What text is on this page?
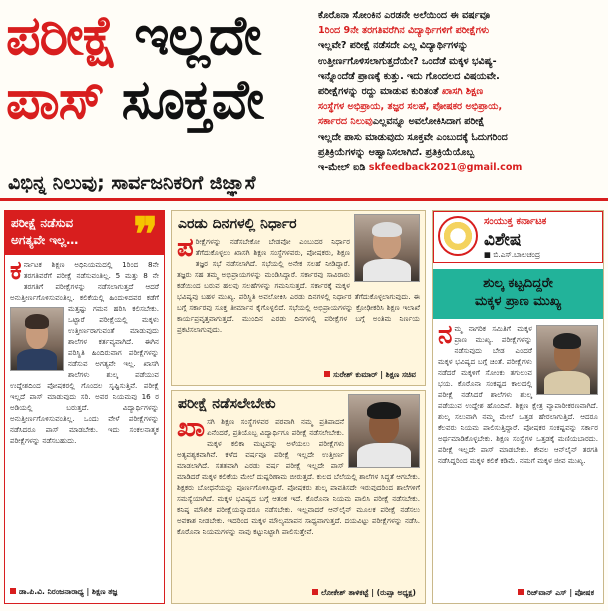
ಪರೀಕ್ಷೆ ಇಲ್ಲದೇ
ಪಾಸ್ ಸೂಕ್ತವೇ
ಕೊರೊನಾ ಸೋಂಕಿನ ಎರಡನೇ ಅಲೆಯಿಂದ ಈ ವರ್ಷವೂ
1ರಿಂದ 9ನೇ ತರಗತಿವರೆಗಿನ ವಿದ್ಯಾರ್ಥಿಗಳಿಗೆ ಪರೀಕ್ಷೆಗಳು
ಇಲ್ಲವೇ? ಪರೀಕ್ಷೆ ನಡೆಸದೇ ಎಲ್ಲ ವಿದ್ಯಾರ್ಥಿಗಳನ್ನು
ಉತ್ತೀರ್ಣಗೊಳಿಸಲಾಗುತ್ತದೆಯೇ? ಒಂದೆಡೆ ಮಕ್ಕಳ ಭವಿಷ್ಯ-
ಇನ್ನೊಂದೆಡೆ ಪ್ರಾಣಕ್ಕೆ ಕುತ್ತು. ಇದು ಗೊಂದಲದ ವಿಷಯವೇ.
ಪರೀಕ್ಷೆಗಳನ್ನು ರದ್ದು ಮಾಡುವ ಕುರಿತಂತೆ ಖಾಸಗಿ ಶಿಕ್ಷಣ
ಸಂಸ್ಥೆಗಳ ಅಭಿಪ್ರಾಯ, ತಜ್ಞರ ಸಲಹೆ, ಪೋಷಕರ ಅಭಿಪ್ರಾಯ,
ಸರ್ಕಾರದ ನಿಲುವುಎಲ್ಲವನ್ನೂ ಅವಲೋಕಿಸಿದಾಗ ಪರೀಕ್ಷೆ
ಇಲ್ಲದೇ ಪಾಸು ಮಾಡುವುದು ಸೂಕ್ತವೇ ಎಂಬುದಕ್ಕೆ ಓದುಗರಿಂದ
ಪ್ರತಿಕ್ರಿಯೆಗಳನ್ನು ಆಹ್ವಾನಿಸಲಾಗಿದೆ. ಪ್ರತಿಕ್ರಿಯೆಯೊಬ್ಬ
ಇ-ಮೇಲ್ ಐಡಿ skfeedback2021@gmail.com
ವಿಭಿನ್ನ ನಿಲುವು; ಸಾರ್ವಜನಿಕರಿಗೆ ಜಿಜ್ಞಾಸೆ
ಪರೀಕ್ಷೆ ನಡೆಸುವ
ಅಗತ್ಯವೇ ಇಲ್ಲ…	❞
ಕ ರ್ನಾಟಕ ಶಿಕ್ಷಣ ಅಧಿನಿಯಮದಲ್ಲಿ 1ರಿಂದ 8ನೇ ತರಗತಿವರೆಗೆ ಪರೀಕ್ಷೆ ನಡೆಸುವಂತಿಲ್ಲ. 5 ಮತ್ತು 8 ನೇ ತರಗತಿಗೆ ಪರೀಕ್ಷೆಗಳನ್ನು ನಡೆಸಲಾಗುತ್ತದೆ ಆದರೆ ಅನುತ್ತೀರ್ಣಗೊಳಿಸುವಂತಿಲ್ಲ. ಕಲಿಕೆಯಲ್ಲಿ ಹಿಂದುಳಿದವರ ಕಡೆಗೆ
ಮತ್ತಷ್ಟು ಗಮನ ಹರಿಸಿ ಕಲಿಸಬೇಕು. ಒಟ್ಟಾರೆ ಪರೀಕ್ಷೆಯಲ್ಲಿ ಮಕ್ಕಳು ಉತ್ತೀರ್ಣರಾಗುವಂತೆ ಮಾಡುವುದು ಶಾಲೆಗಳ ಕರ್ತವ್ಯವಾಗಿದೆ. ಈಗಿನ ಪರಿಸ್ಥಿತಿ ಹಿಂದಿರುವಾಗ ಪರೀಕ್ಷೆಗಳನ್ನು ನಡೆಸುವ ಅಗತ್ಯವೇ ಇಲ್ಲ. ಖಾಸಗಿ ಶಾಲೆಗಳು ಶುಲ್ಕ ಪಡೆಯುವ ಉದ್ದೇಶದಿಂದ ಪೋಷಕರಲ್ಲಿ ಗೊಂದಲ ಸೃಷ್ಟಿಸುತ್ತಿವೆ. ಪರೀಕ್ಷೆ ಇಲ್ಲದೆ ಪಾಸ್ ಮಾಡುವುದು ಸರಿ. ಅವರ ನಿಯಮವು 16 ರ ಅಡಿಯಲ್ಲಿ ಬರುತ್ತದೆ. ವಿದ್ಯಾರ್ಥಿಗಳನ್ನು ಅನುತ್ತೀರ್ಣಗೊಳಿಸುವಂತಿಲ್ಲ. ಒಂದು ವೇಳೆ ಪರೀಕ್ಷೆಗಳನ್ನು ನಡೆಸಿದರೂ ಪಾಸ್ ಮಾಡಬೇಕು. ಇದು ಸಂಕಲನಾತ್ಮಕ ಪರೀಕ್ಷೆಗಳನ್ನು ನಡೆಸಬಹುದು.
ಡಾ.ಪಿ.ವಿ. ನಿರಂಜನಾರಾಧ್ಯ | ಶಿಕ್ಷಣ ತಜ್ಞ
ಎರಡು ದಿನಗಳಲ್ಲಿ ನಿರ್ಧಾರ
ಪ ರೀಕ್ಷೆಗಳನ್ನು ನಡೆಸಬೇಕೋ ಬೇಡವೋ ಎಂಬುದರ ನಿರ್ಧಾರ ತೆಗೆದುಕೊಳ್ಳಲು ಖಾಸಗಿ ಶಿಕ್ಷಣ ಸಂಸ್ಥೆಗಳವರು, ಪೋಷಕರು, ಶಿಕ್ಷಣ ತಜ್ಞರ ಸಭೆ ನಡೆಸಲಾಗಿದೆ. ಸಭೆಯಲ್ಲಿ ಅನೇಕ ಸಲಹೆ ನೀಡಿದ್ದಾರೆ. ತಜ್ಞರು ಸಹ ತಮ್ಮ ಅಭಿಪ್ರಾಯಗಳನ್ನು ಮಂಡಿಸಿದ್ದಾರೆ. ಸರ್ಕಾರವು ಸಾವಿರಾರು ಕಡೆಯಿಂದ ಬರುವ ಹಲವು ಸಲಹೆಗಳನ್ನು ಗಮನಿಸುತ್ತದೆ. ಸರ್ಕಾರಕ್ಕೆ ಮಕ್ಕಳ ಭವಿಷ್ಯವು ಬಹಳ ಮುಖ್ಯ. ಪರಿಸ್ಥಿತಿ ಅವಲೋಕಿಸಿ ಎರಡು ದಿನಗಳಲ್ಲಿ ನಿರ್ಧಾರ ತೆಗೆದುಕೊಳ್ಳಲಾಗುವುದು. ಈ ಬಗ್ಗೆ ಸರ್ಕಾರವು ಸೂಕ್ತ ತೀರ್ಮಾನ ಕೈಗೊಳ್ಳಲಿದೆ. ಸಭೆಯಲ್ಲಿ ಅಭಿಪ್ರಾಯಗಳನ್ನು ಕ್ರೋಢೀಕರಿಸಿ ಶಿಕ್ಷಣ ಇಲಾಖೆ ಕಾರ್ಯಪ್ರವೃತ್ತವಾಗುತ್ತದೆ. ಮುಂದಿನ ಎರಡು ದಿನಗಳಲ್ಲಿ ಪರೀಕ್ಷೆಗಳ ಬಗ್ಗೆ ಅಂತಿಮ ನಿರ್ಣಯ ಪ್ರಕಟಿಸಲಾಗುವುದು.
ಸುರೇಶ್ ಕುಮಾರ್ | ಶಿಕ್ಷಣ ಸಚಿವ
ಪರೀಕ್ಷೆ ನಡೆಸಲೇಬೇಕು
ಖಾ ಸಗಿ ಶಿಕ್ಷಣ ಸಂಸ್ಥೆಗಳವರ ಪರವಾಗಿ ನಮ್ಮ ಪ್ರತಿಪಾದನೆ ಏನೆಂದರೆ, ಪ್ರತಿಯೊಬ್ಬ ವಿದ್ಯಾರ್ಥಿಗೂ ಪರೀಕ್ಷೆ ನಡೆಸಲೇಬೇಕು. ಮಕ್ಕಳ ಕಲಿಕಾ ಮಟ್ಟವನ್ನು ಅಳೆಯಲು ಪರೀಕ್ಷೆಗಳು ಅತ್ಯವಶ್ಯಕವಾಗಿವೆ. ಕಳೆದ ವರ್ಷವೂ ಪರೀಕ್ಷೆ ಇಲ್ಲದೇ ಉತ್ತೀರ್ಣ ಮಾಡಲಾಗಿದೆ. ಸತತವಾಗಿ ಎರಡು ವರ್ಷ ಪರೀಕ್ಷೆ ಇಲ್ಲದೇ ಪಾಸ್ ಮಾಡಿದರೆ ಮಕ್ಕಳ ಕಲಿಕೆಯ ಮೇಲೆ ದುಷ್ಪರಿಣಾಮ ಬೀರುತ್ತದೆ. ಕುಲದ ಬೆಲೆಯಲ್ಲಿ ಶಾಲೆಗಳ ಸಿದ್ಧತೆ ಆಗಬೇಕು. ಶಿಕ್ಷಕರು ಬೋಧನೆಯನ್ನು ಪೂರ್ಣಗೊಳಿಸಿದ್ದಾರೆ. ಪೋಷಕರು ಶುಲ್ಕ ಪಾವತಿಸದೇ ಇರುವುದರಿಂದ ಶಾಲೆಗಳಿಗೆ ಸಮಸ್ಯೆಯಾಗಿದೆ. ಮಕ್ಕಳ ಭವಿಷ್ಯದ ಬಗ್ಗೆ ಆತಂಕ ಇದೆ. ಕೊರೊನಾ ನಿಯಮ ಪಾಲಿಸಿ ಪರೀಕ್ಷೆ ನಡೆಸಬೇಕು. ಕನಿಷ್ಠ ಮೌಖಿಕ ಪರೀಕ್ಷೆಯನ್ನಾದರೂ ನಡೆಸಬೇಕು. ಇಲ್ಲವಾದರೆ ಆನ್‌ಲೈನ್ ಮೂಲಕ ಪರೀಕ್ಷೆ ನಡೆಸಲು ಅವಕಾಶ ನೀಡಬೇಕು. ಇದರಿಂದ ಮಕ್ಕಳ ಮೌಲ್ಯಮಾಪನ ಸಾಧ್ಯವಾಗುತ್ತದೆ. ದಯವಿಟ್ಟು ಪರೀಕ್ಷೆಗಳನ್ನು ನಡೆಸಿ. ಕೊರೊನಾ ನಿಯಮಗಳನ್ನು ನಾವು ಕಟ್ಟುನಿಟ್ಟಾಗಿ ಪಾಲಿಸುತ್ತೇವೆ.
ಲೋಕೇಶ್ ತಾಳಿಕಟ್ಟೆ | (ರುಪ್ಸಾ ಅಧ್ಯಕ್ಷ)
ಸಂಯುಕ್ತ ಕರ್ನಾಟಕ
ವಿಶೇಷ
■ ಬಿ.ಎಸ್.ಬಾಲಚಂದ್ರ
ಶುಲ್ಕ ಕಟ್ಟದಿದ್ದರೇ
ಮಕ್ಕಳ ಪ್ರಾಣ ಮುಖ್ಯ
ನ ಮ್ಮ ನಾಗರಿಕ ಸಮಿತಿಗೆ ಮಕ್ಕಳ ಪ್ರಾಣ ಮುಖ್ಯ. ಪರೀಕ್ಷೆಗಳನ್ನು ನಡೆಸುವುದು ಬೇಡ ಎಂದರೆ ಮಕ್ಕಳ ಭವಿಷ್ಯದ ಬಗ್ಗೆ ಚಿಂತೆ. ಪರೀಕ್ಷೆಗಳು ನಡೆದರೆ ಮಕ್ಕಳಿಗೆ ಸೋಂಕು ತಗುಲುವ ಭಯ. ಕೊರೊನಾ ಸಂಕಷ್ಟದ ಕಾಲದಲ್ಲಿ ಪರೀಕ್ಷೆ ನಡೆಸಿದರೆ ಶಾಲೆಗಳು ಶುಲ್ಕ ಪಡೆಯುವ ಉದ್ದೇಶ ಹೊಂದಿವೆ. ಶಿಕ್ಷಣ ಕ್ಷೇತ್ರ ವ್ಯಾಪಾರೀಕರಣವಾಗಿದೆ. ಶುಲ್ಕ ಸಲುವಾಗಿ ನಮ್ಮ ಮೇಲೆ ಒತ್ತಡ ಹೇರಲಾಗುತ್ತಿದೆ. ಆದರೂ ಕೆಲವರು ನಿಯಮ ಪಾಲಿಸುತ್ತಿದ್ದಾರೆ. ಪೋಷಕರ ಸಂಕಷ್ಟವನ್ನು ಸರ್ಕಾರ ಅರ್ಥಮಾಡಿಕೊಳ್ಳಬೇಕು. ಶಿಕ್ಷಣ ಸಂಸ್ಥೆಗಳ ಒತ್ತಡಕ್ಕೆ ಮಣಿಯಬಾರದು. ಪರೀಕ್ಷೆ ಇಲ್ಲದೇ ಪಾಸ್ ಮಾಡಬೇಕು. ಕೇವಲ ಆನ್‌ಲೈನ್ ತರಗತಿ ನಡೆಸಿದ್ದರಿಂದ ಮಕ್ಕಳ ಕಲಿಕೆ ಕಡಿಮೆ. ನಮಗೆ ಮಕ್ಕಳ ಜೀವ ಮುಖ್ಯ.
ರಿಜ್‌ವಾನ್ ಎಸ್ | ಪೋಷಕ
